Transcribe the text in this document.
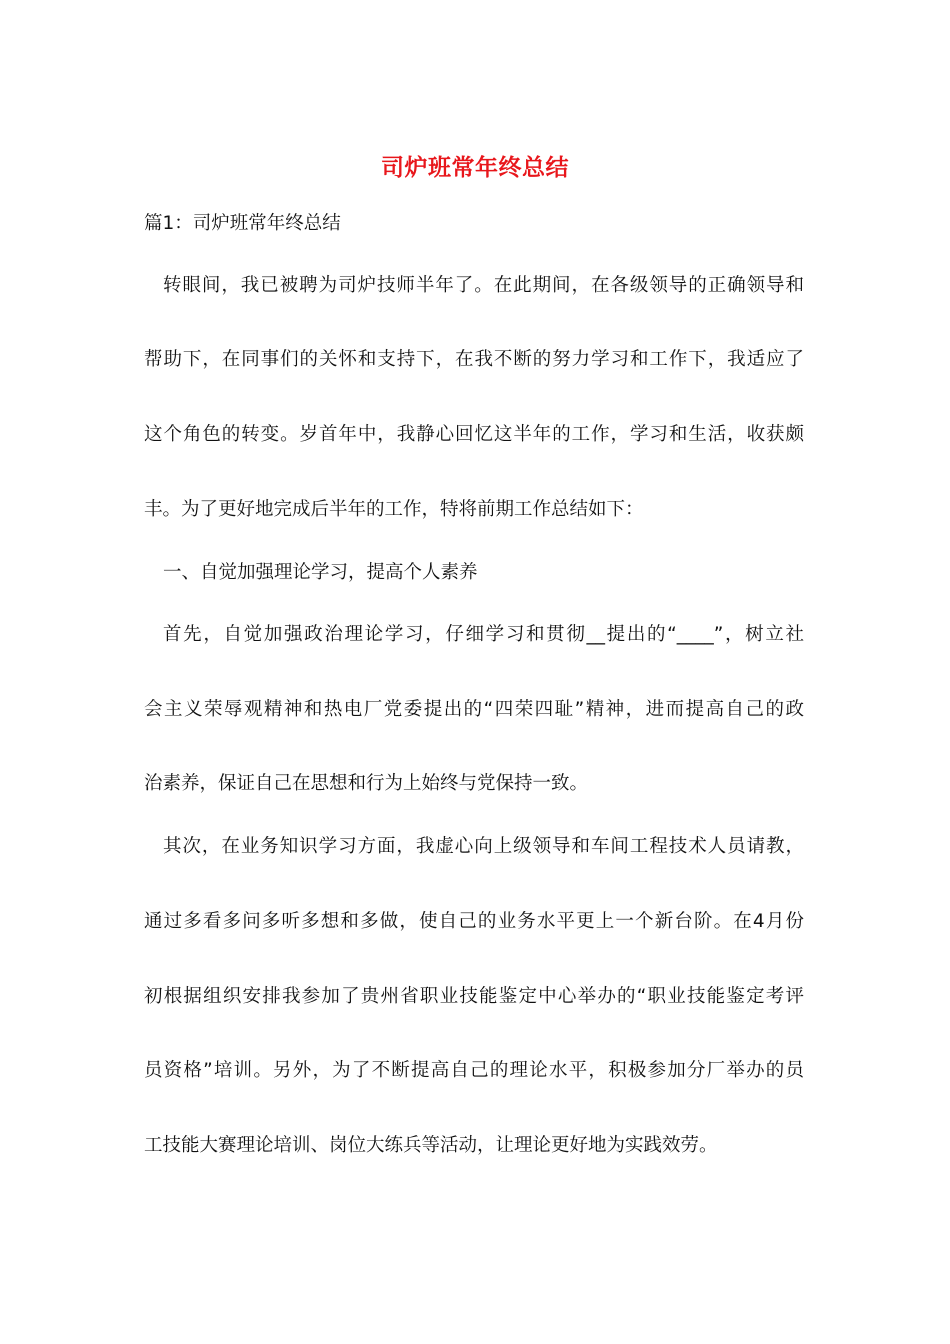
司炉班常年终总结
篇1：司炉班常年终总结
转眼间，我已被聘为司炉技师半年了。在此期间，在各级领导的正确领导和
帮助下，在同事们的关怀和支持下，在我不断的努力学习和工作下，我适应了
这个角色的转变。岁首年中，我静心回忆这半年的工作，学习和生活，收获颇
丰。为了更好地完成后半年的工作，特将前期工作总结如下：
一、自觉加强理论学习，提高个人素养
首先，自觉加强政治理论学习，仔细学习和贯彻__提出的“____”，树立社
会主义荣辱观精神和热电厂党委提出的“四荣四耻”精神，进而提高自己的政
治素养，保证自己在思想和行为上始终与党保持一致。
其次，在业务知识学习方面，我虚心向上级领导和车间工程技术人员请教，
通过多看多问多听多想和多做，使自己的业务水平更上一个新台阶。在4月份
初根据组织安排我参加了贵州省职业技能鉴定中心举办的“职业技能鉴定考评
员资格”培训。另外，为了不断提高自己的理论水平，积极参加分厂举办的员
工技能大赛理论培训、岗位大练兵等活动，让理论更好地为实践效劳。
